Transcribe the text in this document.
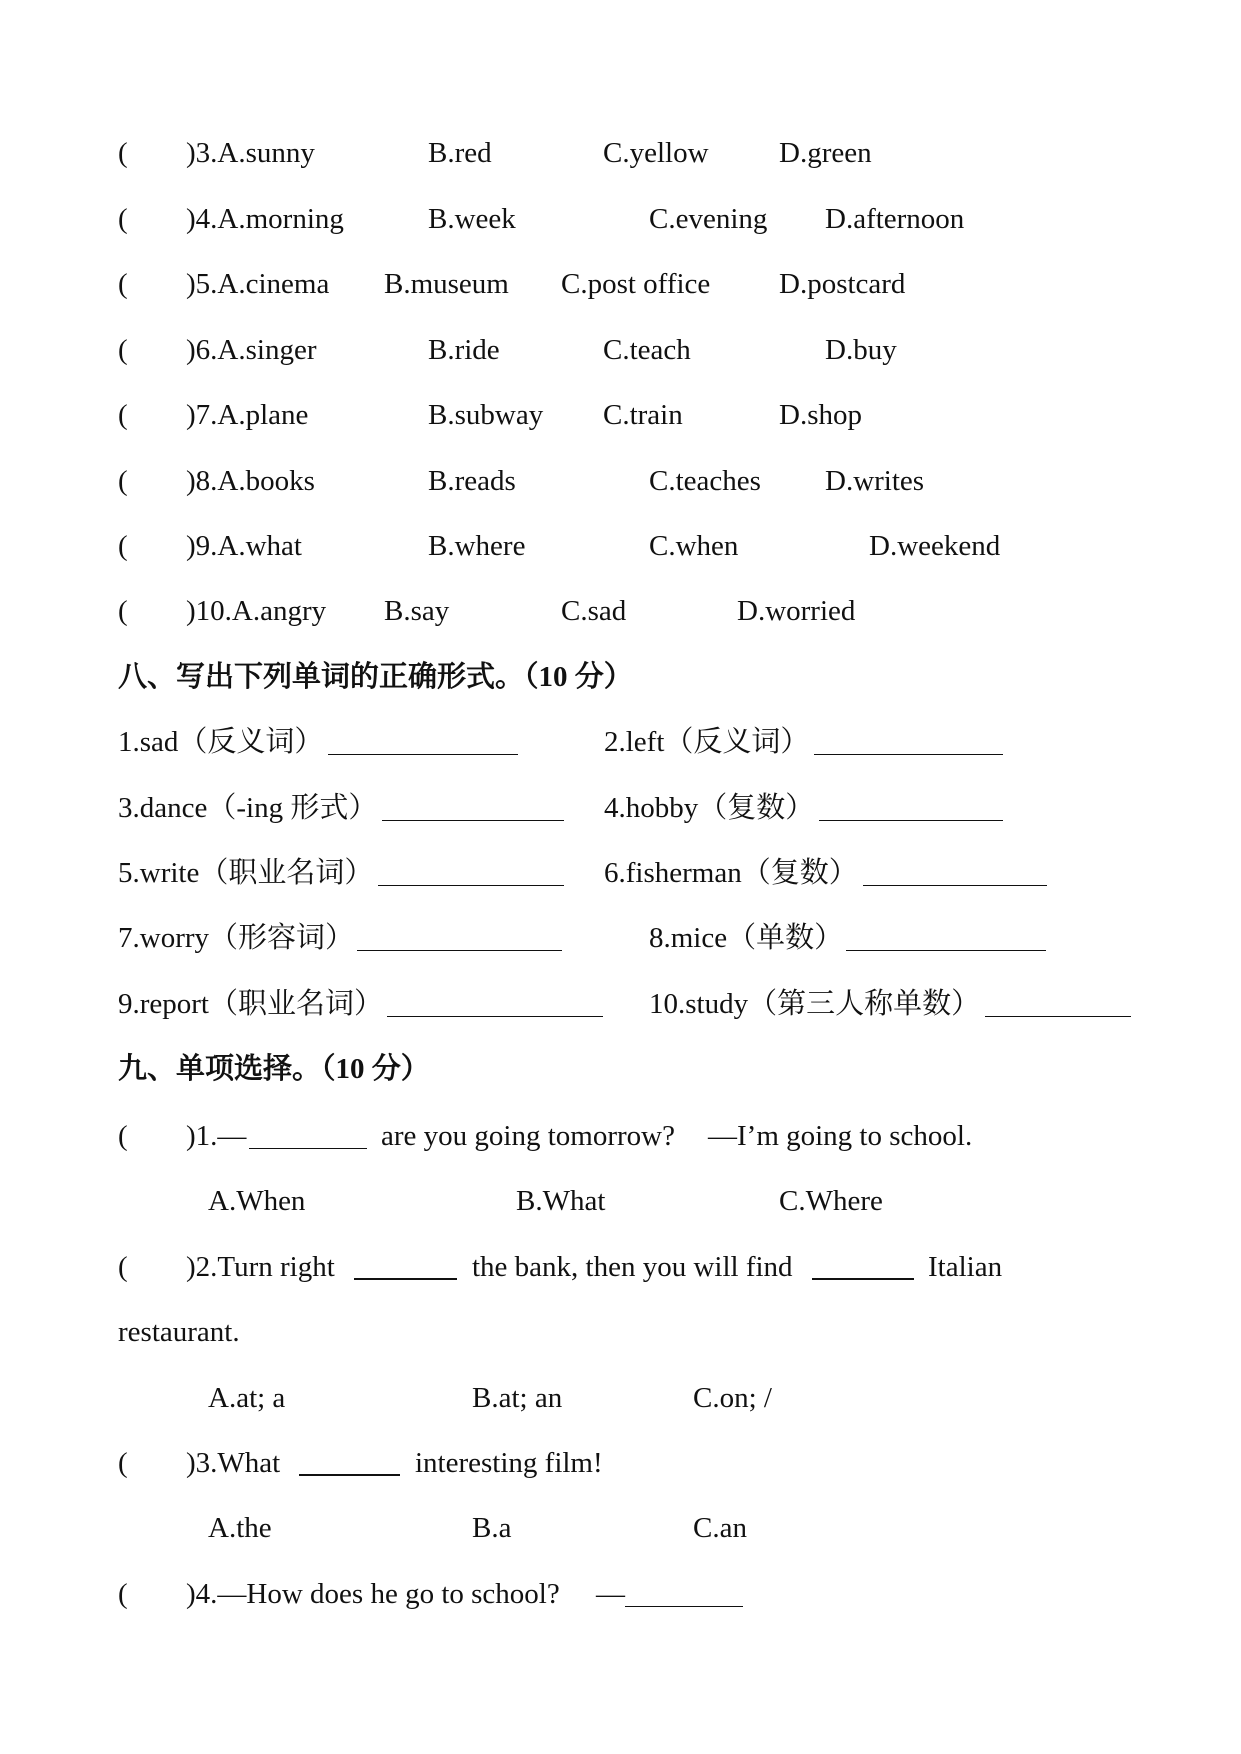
( )3.A.sunny	B.red	C.yellow D.green
( )4.A.morning	B.week	C.evening D.afternoon
( )5.A.cinema B.museum C.post office D.postcard
( )6.A.singer	B.ride	C.teach	D.buy
( )7.A.plane	B.subway C.train	D.shop
( )8.A.books	B.reads	C.teaches D.writes
( )9.A.what	B.where	C.when	D.weekend
( )10.A.angry B.say	C.sad	D.worried
八、写出下列单词的正确形式。（10 分）
1.sad（反义词）	2.left（反义词）
3.dance（-ing 形式）	4.hobby（复数）
5.write（职业名词）	6.fisherman（复数）
7.worry（形容词）	8.mice（单数）
9.report（职业名词）	10.study（第三人称单数）
九、单项选择。（10 分）
( )1.—	are you going tomorrow? —I’m going to school.
A.When	B.What	C.Where
( )2.Turn right	the bank, then you will find	Italian
restaurant.
A.at; a	B.at; an	C.on; /
( )3.What	interesting film!
A.the	B.a	C.an
( )4.—How does he go to school? —
